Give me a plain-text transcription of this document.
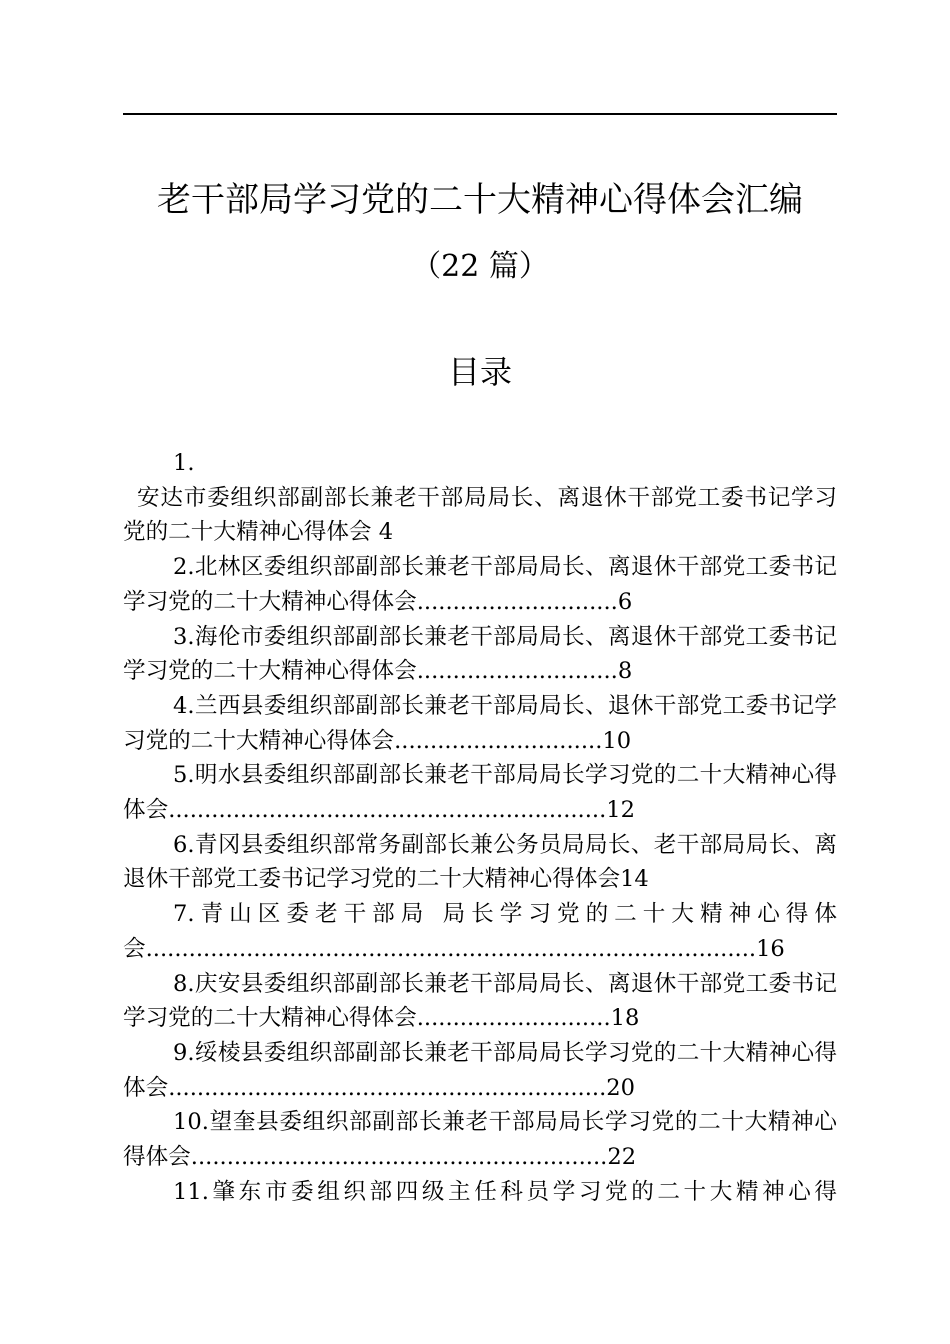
老干部局学习党的二十大精神心得体会汇编
（22 篇）
目录
1.
安达市委组织部副部长兼老干部局局长、离退休干部党工委书记学习党的二十大精神心得体会 4
2.北林区委组织部副部长兼老干部局局长、离退休干部党工委书记学习党的二十大精神心得体会............................6
3.海伦市委组织部副部长兼老干部局局长、离退休干部党工委书记学习党的二十大精神心得体会............................8
4.兰西县委组织部副部长兼老干部局局长、退休干部党工委书记学习党的二十大精神心得体会.............................10
5.明水县委组织部副部长兼老干部局局长学习党的二十大精神心得体会.............................................................12
6.青冈县委组织部常务副部长兼公务员局局长、老干部局局长、离退休干部党工委书记学习党的二十大精神心得体会14
7.青山区委老干部局 局长学习党的二十大精神心得体会.....................................................................................16
8.庆安县委组织部副部长兼老干部局局长、离退休干部党工委书记学习党的二十大精神心得体会...........................18
9.绥棱县委组织部副部长兼老干部局局长学习党的二十大精神心得体会.............................................................20
10.望奎县委组织部副部长兼老干部局局长学习党的二十大精神心得体会..........................................................22
11.肇东市委组织部四级主任科员学习党的二十大精神心得
